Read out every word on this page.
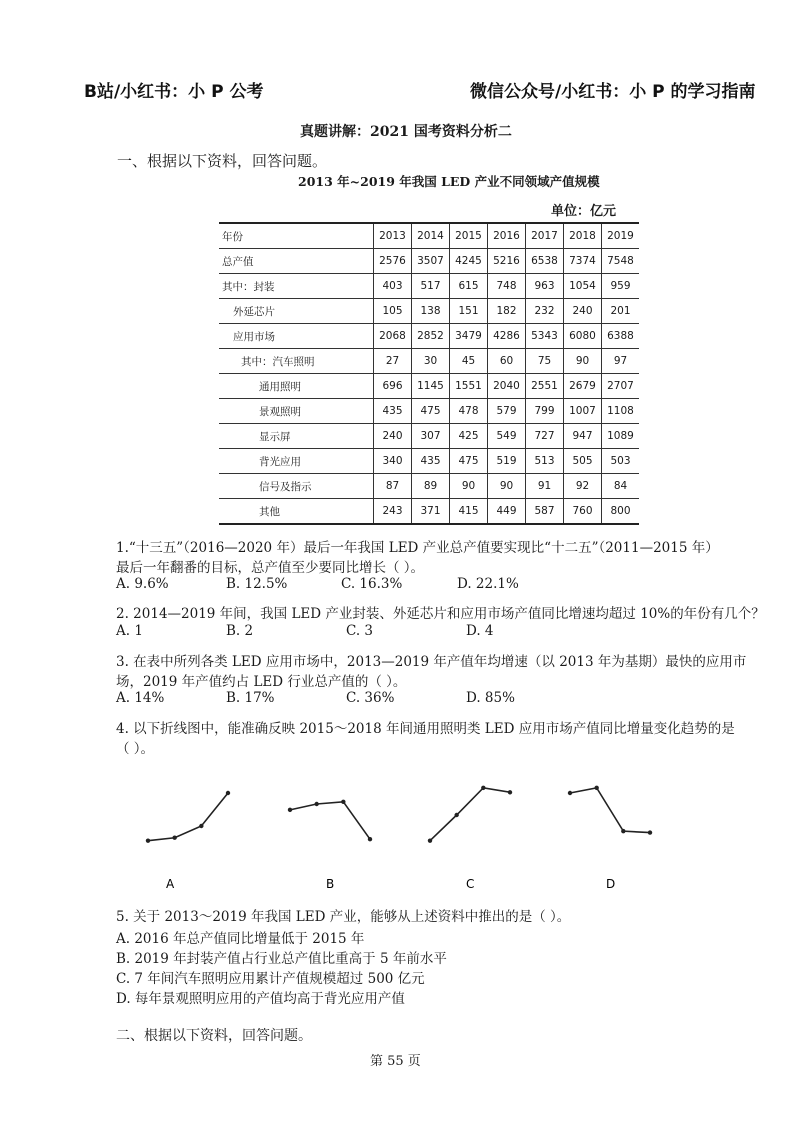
B站/小红书：小 P 公考	微信公众号/小红书：小 P 的学习指南
真题讲解：2021 国考资料分析二
一、根据以下资料，回答问题。
2013 年~2019 年我国 LED 产业不同领域产值规模
单位：亿元
年份	2013	2014	2015	2016	2017	2018	2019
总产值	2576	3507	4245	5216	6538	7374	7548
其中：封装	403	517	615	748	963	1054	959
外延芯片	105	138	151	182	232	240	201
应用市场	2068	2852	3479	4286	5343	6080	6388
其中：汽车照明	27	30	45	60	75	90	97
通用照明	696	1145	1551	2040	2551	2679	2707
景观照明	435	475	478	579	799	1007	1108
显示屏	240	307	425	549	727	947	1089
背光应用	340	435	475	519	513	505	503
信号及指示	87	89	90	90	91	92	84
其他	243	371	415	449	587	760	800
1.“十三五”（2016—2020 年）最后一年我国 LED 产业总产值要实现比“十二五”（2011—2015 年）
最后一年翻番的目标，总产值至少要同比增长（ ）。
A. 9.6%	B. 12.5%	C. 16.3%	D. 22.1%
2. 2014—2019 年间，我国 LED 产业封装、外延芯片和应用市场产值同比增速均超过 10%的年份有几个？
A. 1	B. 2	C. 3	D. 4
3. 在表中所列各类 LED 应用市场中，2013—2019 年产值年均增速（以 2013 年为基期）最快的应用市
场，2019 年产值约占 LED 行业总产值的（ ）。
A. 14%	B. 17%	C. 36%	D. 85%
4. 以下折线图中，能准确反映 2015～2018 年间通用照明类 LED 应用市场产值同比增量变化趋势的是
（ ）。
A	B	C	D
5. 关于 2013～2019 年我国 LED 产业，能够从上述资料中推出的是（ ）。
A. 2016 年总产值同比增量低于 2015 年
B. 2019 年封装产值占行业总产值比重高于 5 年前水平
C. 7 年间汽车照明应用累计产值规模超过 500 亿元
D. 每年景观照明应用的产值均高于背光应用产值
二、根据以下资料，回答问题。
第 55 页
